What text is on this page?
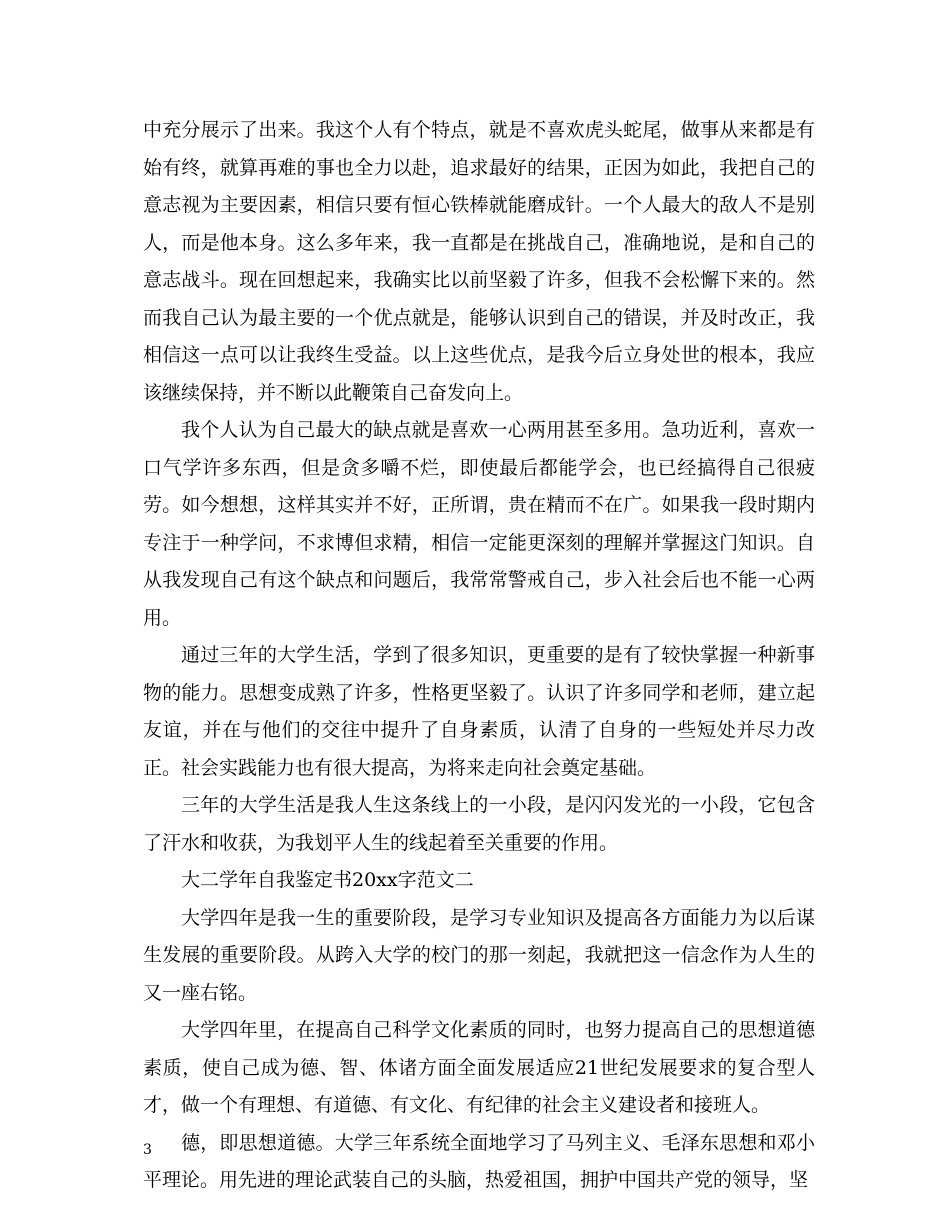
中充分展示了出来。我这个人有个特点，就是不喜欢虎头蛇尾，做事从来都是有始有终，就算再难的事也全力以赴，追求最好的结果，正因为如此，我把自己的意志视为主要因素，相信只要有恒心铁棒就能磨成针。一个人最大的敌人不是别人，而是他本身。这么多年来，我一直都是在挑战自己，准确地说，是和自己的意志战斗。现在回想起来，我确实比以前坚毅了许多，但我不会松懈下来的。然而我自己认为最主要的一个优点就是，能够认识到自己的错误，并及时改正，我相信这一点可以让我终生受益。以上这些优点，是我今后立身处世的根本，我应该继续保持，并不断以此鞭策自己奋发向上。

我个人认为自己最大的缺点就是喜欢一心两用甚至多用。急功近利，喜欢一口气学许多东西，但是贪多嚼不烂，即使最后都能学会，也已经搞得自己很疲劳。如今想想，这样其实并不好，正所谓，贵在精而不在广。如果我一段时期内专注于一种学问，不求博但求精，相信一定能更深刻的理解并掌握这门知识。自从我发现自己有这个缺点和问题后，我常常警戒自己，步入社会后也不能一心两用。

通过三年的大学生活，学到了很多知识，更重要的是有了较快掌握一种新事物的能力。思想变成熟了许多，性格更坚毅了。认识了许多同学和老师，建立起友谊，并在与他们的交往中提升了自身素质，认清了自身的一些短处并尽力改正。社会实践能力也有很大提高，为将来走向社会奠定基础。

三年的大学生活是我人生这条线上的一小段，是闪闪发光的一小段，它包含了汗水和收获，为我划平人生的线起着至关重要的作用。

大二学年自我鉴定书20xx字范文二

大学四年是我一生的重要阶段，是学习专业知识及提高各方面能力为以后谋生发展的重要阶段。从跨入大学的校门的那一刻起，我就把这一信念作为人生的又一座右铭。

大学四年里，在提高自己科学文化素质的同时，也努力提高自己的思想道德素质，使自己成为德、智、体诸方面全面发展适应21世纪发展要求的复合型人才，做一个有理想、有道德、有文化、有纪律的社会主义建设者和接班人。

德，即思想道德。大学三年系统全面地学习了马列主义、毛泽东思想和邓小平理论。用先进的理论武装自己的头脑，热爱祖国，拥护中国共产党的领导，坚

3
